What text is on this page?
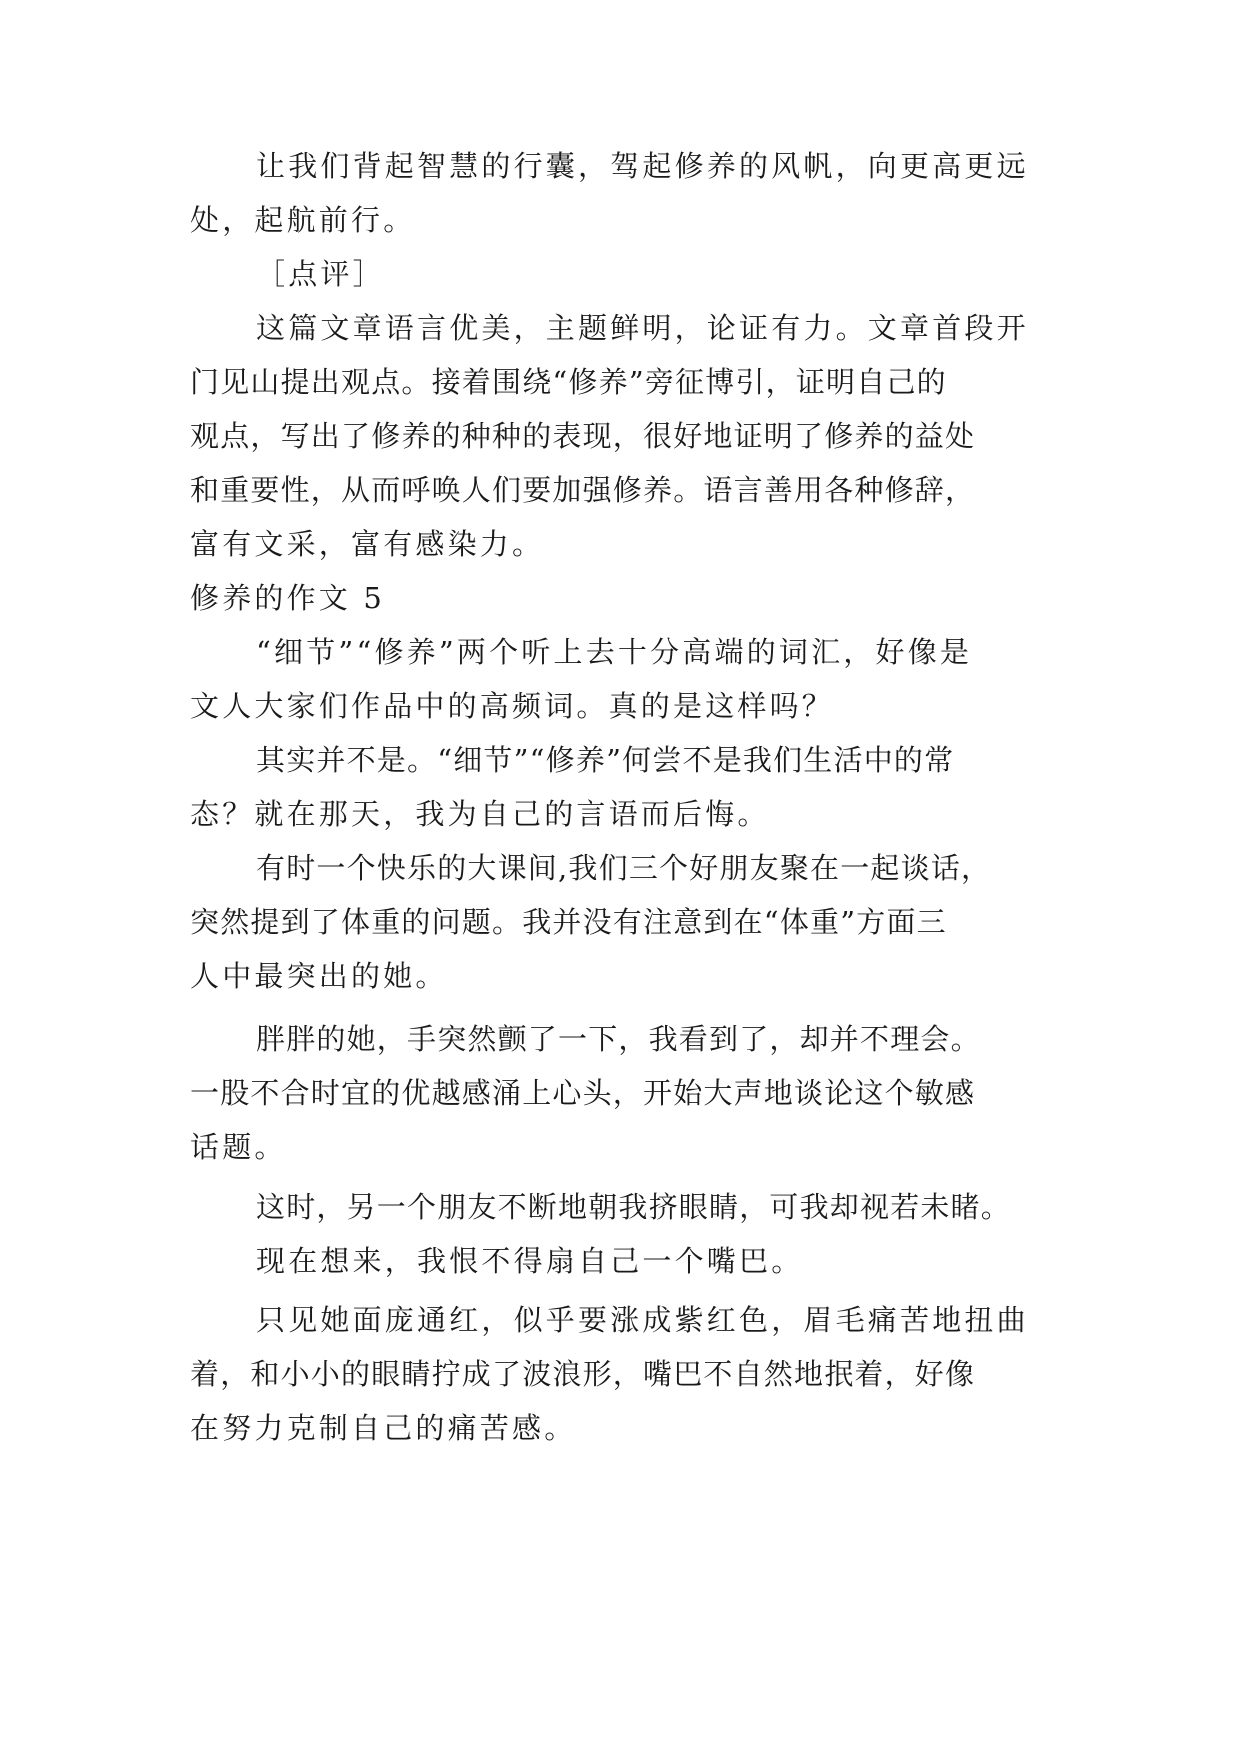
让我们背起智慧的行囊，驾起修养的风帆，向更高更远

处，起航前行。

［点评］

这篇文章语言优美，主题鲜明，论证有力。文章首段开

门见山提出观点。接着围绕“修养”旁征博引，证明自己的

观点，写出了修养的种种的表现，很好地证明了修养的益处

和重要性，从而呼唤人们要加强修养。语言善用各种修辞，

富有文采，富有感染力。

修养的作文 5

“细节”“修养”两个听上去十分高端的词汇，好像是

文人大家们作品中的高频词。真的是这样吗？

其实并不是。“细节”“修养”何尝不是我们生活中的常

态？就在那天，我为自己的言语而后悔。

有时一个快乐的大课间,我们三个好朋友聚在一起谈话，

突然提到了体重的问题。我并没有注意到在“体重”方面三

人中最突出的她。

胖胖的她，手突然颤了一下，我看到了，却并不理会。

一股不合时宜的优越感涌上心头，开始大声地谈论这个敏感

话题。

这时，另一个朋友不断地朝我挤眼睛，可我却视若未睹。

现在想来，我恨不得扇自己一个嘴巴。

只见她面庞通红，似乎要涨成紫红色，眉毛痛苦地扭曲

着，和小小的眼睛拧成了波浪形，嘴巴不自然地抿着，好像

在努力克制自己的痛苦感。
